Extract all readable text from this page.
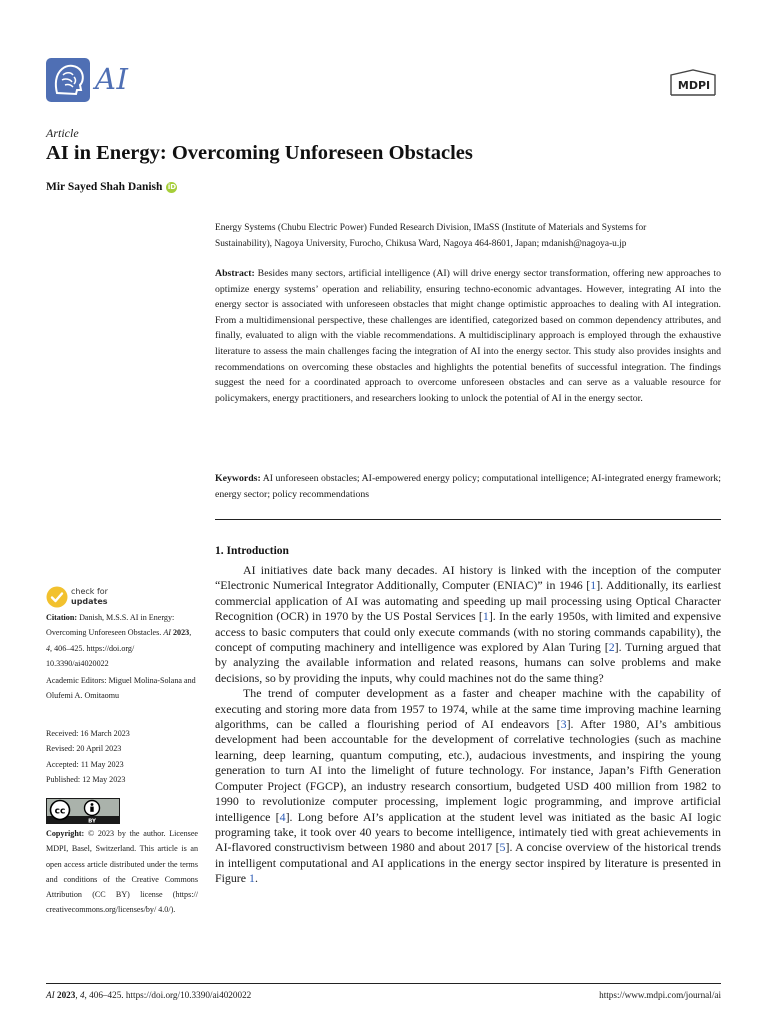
AI	MDPI
Article
AI in Energy: Overcoming Unforeseen Obstacles
Mir Sayed Shah Danish iD
Energy Systems (Chubu Electric Power) Funded Research Division, IMaSS (Institute of Materials and Systems for
Sustainability), Nagoya University, Furocho, Chikusa Ward, Nagoya 464-8601, Japan; mdanish@nagoya-u.jp
Abstract: Besides many sectors, artificial intelligence (AI) will drive energy sector transformation, offering new approaches to optimize energy systems’ operation and reliability, ensuring techno-economic advantages. However, integrating AI into the energy sector is associated with unforeseen obstacles that might change optimistic approaches to dealing with AI integration. From a multidimensional perspective, these challenges are identified, categorized based on common dependency attributes, and finally, evaluated to align with the viable recommendations. A multidisciplinary approach is employed through the exhaustive literature to assess the main challenges facing the integration of AI into the energy sector. This study also provides insights and recommendations on overcoming these obstacles and highlights the potential benefits of successful integration. The findings suggest the need for a coordinated approach to overcome unforeseen obstacles and can serve as a valuable resource for policymakers, energy practitioners, and researchers looking to unlock the potential of AI in the energy sector.
Keywords: AI unforeseen obstacles; AI-empowered energy policy; computational intelligence; AI-integrated energy framework; energy sector; policy recommendations
1. Introduction

AI initiatives date back many decades. AI history is linked with the inception of the computer “Electronic Numerical Integrator Additionally, Computer (ENIAC)” in 1946 [1]. Additionally, its earliest commercial application of AI was automating and speeding up mail processing using Optical Character Recognition (OCR) in 1970 by the US Postal Services [1]. In the early 1950s, with limited and expensive access to basic computers that could only execute commands (with no storing commands capability), the concept of computing machinery and intelligence was explored by Alan Turing [2]. Turning argued that by analyzing the available information and related reasons, humans can solve problems and make decisions, so by providing the inputs, why could machines not do the same thing?

The trend of computer development as a faster and cheaper machine with the capability of executing and storing more data from 1957 to 1974, while at the same time improving machine learning algorithms, can be called a flourishing period of AI endeavors [3]. After 1980, AI’s ambitious development had been accountable for the development of correlative technologies (such as machine learning, deep learning, quantum computing, etc.), audacious investments, and inspiring the young generation to turn AI into the limelight of future technology. For instance, Japan’s Fifth Generation Computer Project (FGCP), an industry research consortium, budgeted USD 400 million from 1982 to 1990 to revolutionize computer processing, implement logic programming, and improve artificial intelligence [4]. Long before AI’s application at the student level was initiated as the basic AI logic programing take, it took over 40 years to become intelligence, intimately tied with great achievements in AI-flavored constructivism between 1980 and about 2017 [5]. A concise overview of the historical trends in intelligent computational and AI applications in the energy sector inspired by literature is presented in Figure 1.

check for
updates
Citation: Danish, M.S.S. AI in Energy: Overcoming Unforeseen Obstacles. AI 2023, 4, 406–425. https://doi.org/ 10.3390/ai4020022
Academic Editors: Miguel Molina-Solana and Olufemi A. Omitaomu
Received: 16 March 2023
Revised: 20 April 2023
Accepted: 11 May 2023
Published: 12 May 2023
cc
BY
Copyright: © 2023 by the author. Licensee MDPI, Basel, Switzerland. This article is an open access article distributed under the terms and conditions of the Creative Commons Attribution (CC BY) license (https:// creativecommons.org/licenses/by/ 4.0/).
AI 2023, 4, 406–425. https://doi.org/10.3390/ai4020022	https://www.mdpi.com/journal/ai
